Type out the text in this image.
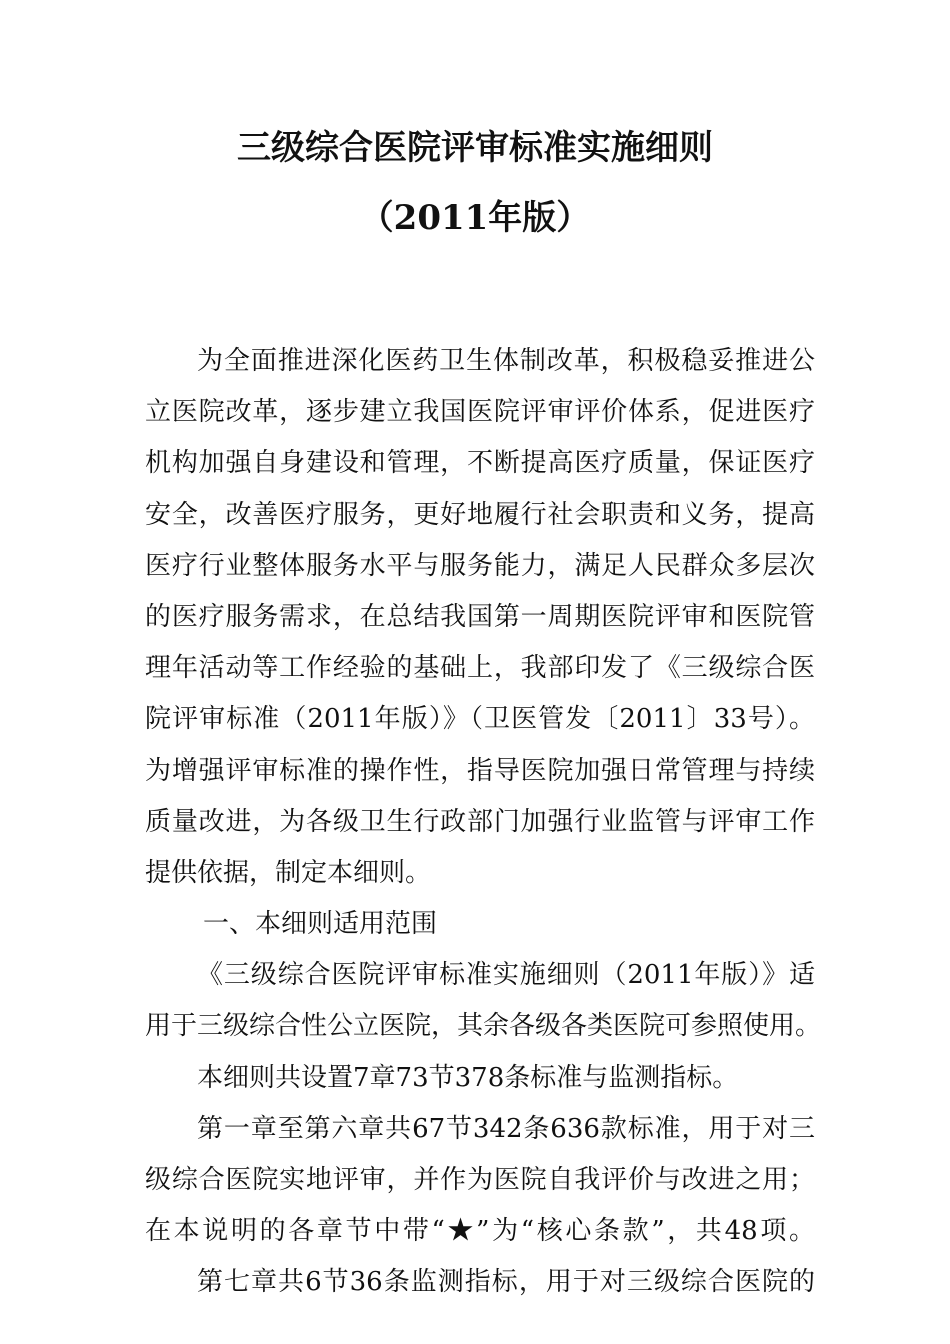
三级综合医院评审标准实施细则
（2011年版）
为全面推进深化医药卫生体制改革，积极稳妥推进公
立医院改革，逐步建立我国医院评审评价体系，促进医疗
机构加强自身建设和管理，不断提高医疗质量，保证医疗
安全，改善医疗服务，更好地履行社会职责和义务，提高
医疗行业整体服务水平与服务能力，满足人民群众多层次
的医疗服务需求，在总结我国第一周期医院评审和医院管
理年活动等工作经验的基础上，我部印发了《三级综合医
院评审标准（2011年版）》（卫医管发〔2011〕33号）。
为增强评审标准的操作性，指导医院加强日常管理与持续
质量改进，为各级卫生行政部门加强行业监管与评审工作
提供依据，制定本细则。
一、本细则适用范围
《三级综合医院评审标准实施细则（2011年版）》适
用于三级综合性公立医院，其余各级各类医院可参照使用。
本细则共设置7章73节378条标准与监测指标。
第一章至第六章共67节342条636款标准，用于对三
级综合医院实地评审，并作为医院自我评价与改进之用；
在本说明的各章节中带“★”为“核心条款”，共48项。
第七章共6节36条监测指标，用于对三级综合医院的
